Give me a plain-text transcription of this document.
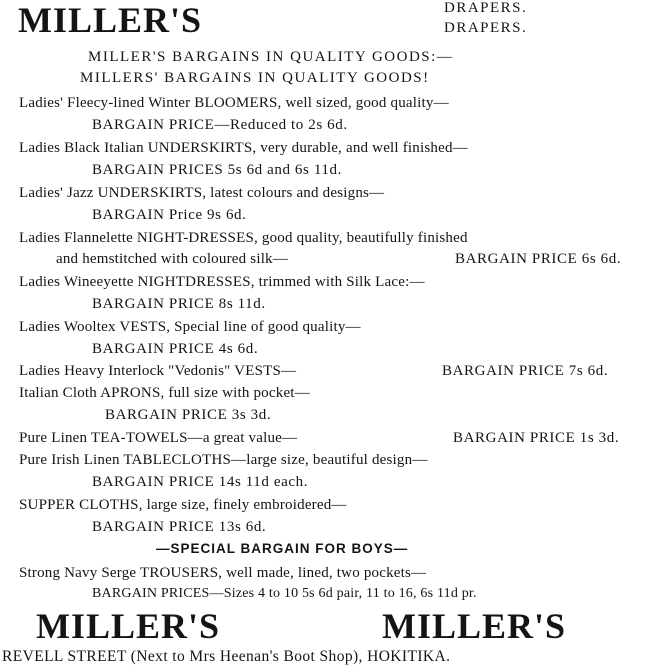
MILLER'S	DRAPERS.
DRAPERS.
MILLER'S BARGAINS IN QUALITY GOODS:—
MILLERS' BARGAINS IN QUALITY GOODS!
Ladies' Fleecy-lined Winter BLOOMERS, well sized, good quality—
BARGAIN PRICE—Reduced to 2s 6d.
Ladies Black Italian UNDERSKIRTS, very durable, and well finished—
BARGAIN PRICES 5s 6d and 6s 11d.
Ladies' Jazz UNDERSKIRTS, latest colours and designs—
BARGAIN Price 9s 6d.
Ladies Flannelette NIGHT-DRESSES, good quality, beautifully finished
and hemstitched with coloured silk—	BARGAIN PRICE 6s 6d.
Ladies Wineeyette NIGHTDRESSES, trimmed with Silk Lace:—
BARGAIN PRICE 8s 11d.
Ladies Wooltex VESTS, Special line of good quality—
BARGAIN PRICE 4s 6d.
Ladies Heavy Interlock "Vedonis" VESTS—	BARGAIN PRICE 7s 6d.
Italian Cloth APRONS, full size with pocket—
BARGAIN PRICE 3s 3d.
Pure Linen TEA-TOWELS—a great value—	BARGAIN PRICE 1s 3d.
Pure Irish Linen TABLECLOTHS—large size, beautiful design—
BARGAIN PRICE 14s 11d each.
SUPPER CLOTHS, large size, finely embroidered—
BARGAIN PRICE 13s 6d.
—SPECIAL BARGAIN FOR BOYS—
Strong Navy Serge TROUSERS, well made, lined, two pockets—
BARGAIN PRICES—Sizes 4 to 10 5s 6d pair, 11 to 16, 6s 11d pr.
MILLER'S	MILLER'S
REVELL STREET (Next to Mrs Heenan's Boot Shop), HOKITIKA.
